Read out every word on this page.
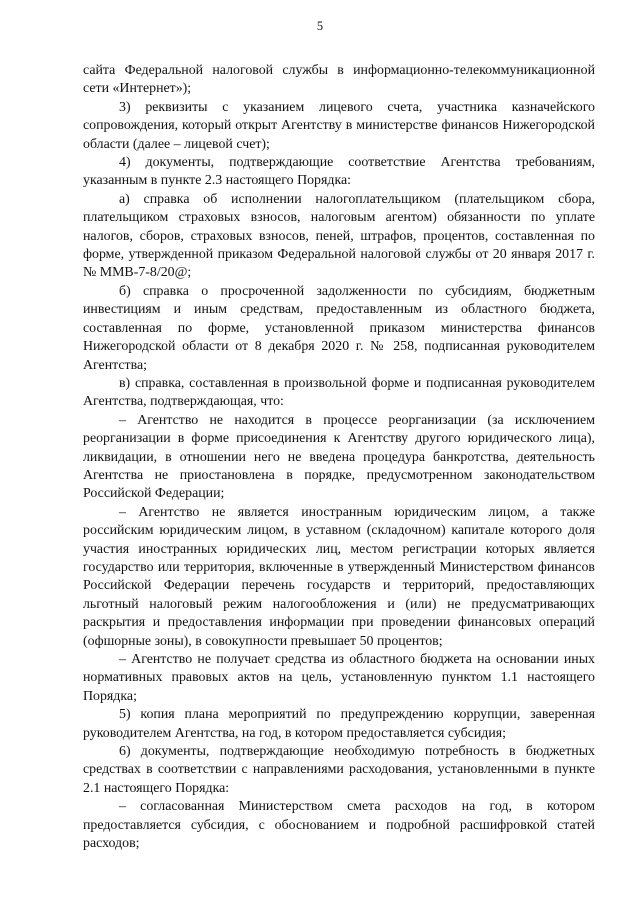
5

сайта Федеральной налоговой службы в информационно-телекоммуникационной сети «Интернет»);

3) реквизиты с указанием лицевого счета, участника казначейского сопровождения, который открыт Агентству в министерстве финансов Нижегородской области (далее – лицевой счет);

4) документы, подтверждающие соответствие Агентства требованиям, указанным в пункте 2.3 настоящего Порядка:

а) справка об исполнении налогоплательщиком (плательщиком сбора, плательщиком страховых взносов, налоговым агентом) обязанности по уплате налогов, сборов, страховых взносов, пеней, штрафов, процентов, составленная по форме, утвержденной приказом Федеральной налоговой службы от 20 января 2017 г. № ММВ-7-8/20@;

б) справка о просроченной задолженности по субсидиям, бюджетным инвестициям и иным средствам, предоставленным из областного бюджета, составленная по форме, установленной приказом министерства финансов Нижегородской области от 8 декабря 2020 г. № 258, подписанная руководителем Агентства;

в) справка, составленная в произвольной форме и подписанная руководителем Агентства, подтверждающая, что:

– Агентство не находится в процессе реорганизации (за исключением реорганизации в форме присоединения к Агентству другого юридического лица), ликвидации, в отношении него не введена процедура банкротства, деятельность Агентства не приостановлена в порядке, предусмотренном законодательством Российской Федерации;

– Агентство не является иностранным юридическим лицом, а также российским юридическим лицом, в уставном (складочном) капитале которого доля участия иностранных юридических лиц, местом регистрации которых является государство или территория, включенные в утвержденный Министерством финансов Российской Федерации перечень государств и территорий, предоставляющих льготный налоговый режим налогообложения и (или) не предусматривающих раскрытия и предоставления информации при проведении финансовых операций (офшорные зоны), в совокупности превышает 50 процентов;

– Агентство не получает средства из областного бюджета на основании иных нормативных правовых актов на цель, установленную пунктом 1.1 настоящего Порядка;

5) копия плана мероприятий по предупреждению коррупции, заверенная руководителем Агентства, на год, в котором предоставляется субсидия;

6) документы, подтверждающие необходимую потребность в бюджетных средствах в соответствии с направлениями расходования, установленными в пункте 2.1 настоящего Порядка:

– согласованная Министерством смета расходов на год, в котором предоставляется субсидия, с обоснованием и подробной расшифровкой статей расходов;
